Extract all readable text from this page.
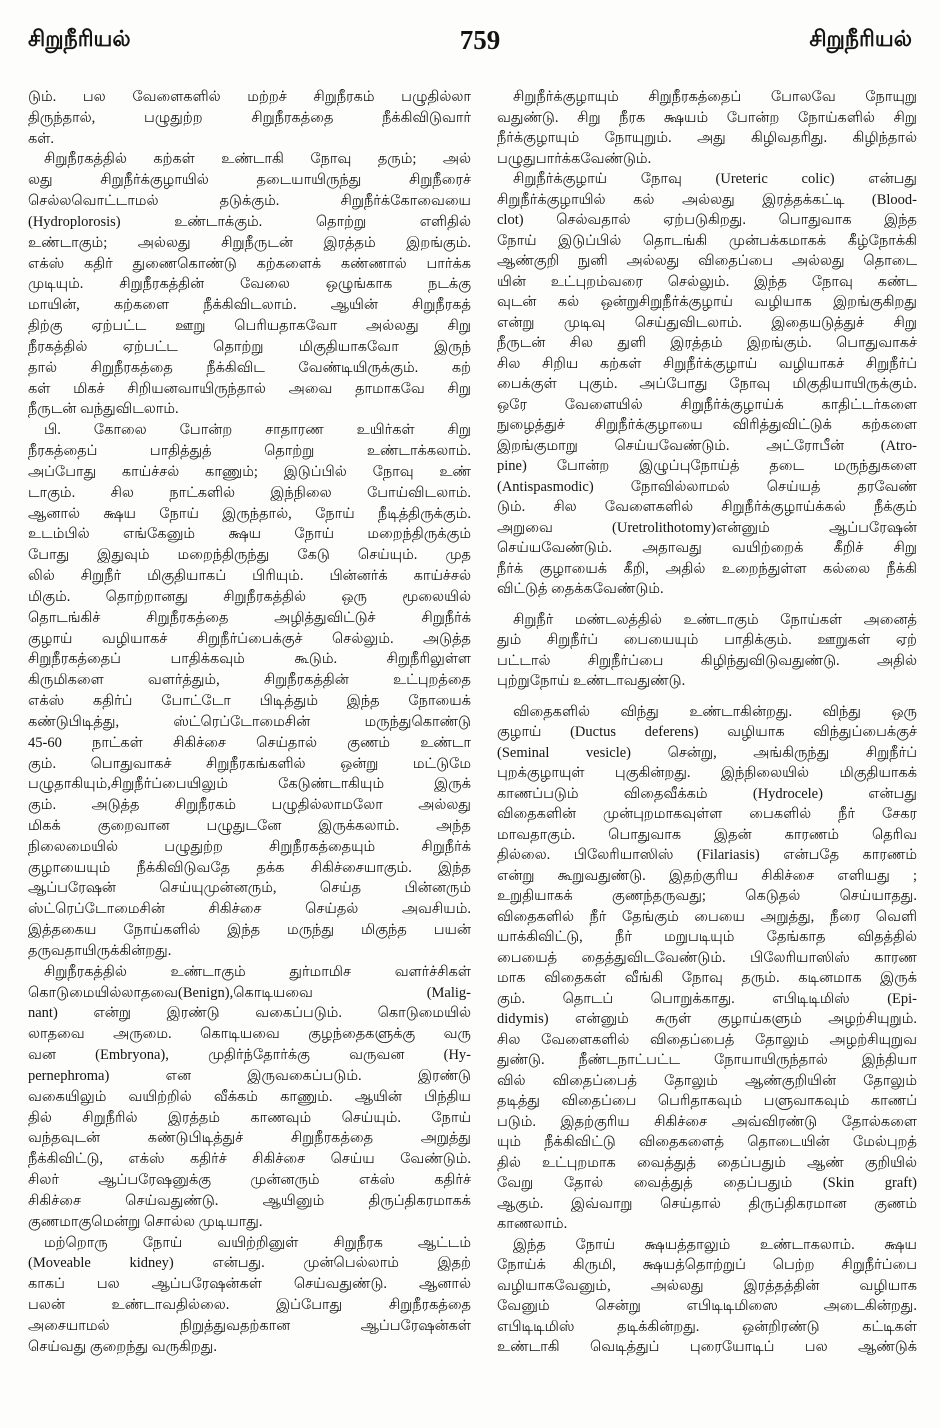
சிறுநீரியல்	759	சிறுநீரியல்
டும். பல வேளைகளில் மற்றச் சிறுநீரகம் பழுதில்லா
திருந்தால், பழுதுற்ற சிறுநீரகத்தை நீக்கிவிடுவார்
கள்.
சிறுநீரகத்தில் கற்கள் உண்டாகி நோவு தரும்; அல்
லது சிறுநீர்க்குழாயில் தடையாயிருந்து சிறுநீரைச்
செல்லவொட்டாமல் தடுக்கும். சிறுநீர்க்கோவையை
(Hydroplorosis) உண்டாக்கும். தொற்று எளிதில்
உண்டாகும்; அல்லது சிறுநீருடன் இரத்தம் இறங்கும்.
எக்ஸ் கதிர் துணைகொண்டு கற்களைக் கண்ணால் பார்க்க
முடியும். சிறுநீரகத்தின் வேலை ஒழுங்காக நடக்கு
மாயின், கற்களை நீக்கிவிடலாம். ஆயின் சிறுநீரகத்
திற்கு ஏற்பட்ட ஊறு பெரியதாகவோ அல்லது சிறு
நீரகத்தில் ஏற்பட்ட தொற்று மிகுதியாகவோ இருந்
தால் சிறுநீரகத்தை நீக்கிவிட வேண்டியிருக்கும். கற்
கள் மிகச் சிறியனவாயிருந்தால் அவை தாமாகவே சிறு
நீருடன் வந்துவிடலாம்.
பி. கோலை போன்ற சாதாரண உயிர்கள் சிறு
நீரகத்தைப் பாதித்துத் தொற்று உண்டாக்கலாம்.
அப்போது காய்ச்சல் காணும்; இடுப்பில் நோவு உண்
டாகும். சில நாட்களில் இந்நிலை போய்விடலாம்.
ஆனால் க்ஷய நோய் இருந்தால், நோய் நீடித்திருக்கும்.
உடம்பில் எங்கேனும் க்ஷய நோய் மறைந்திருக்கும்
போது இதுவும் மறைந்திருந்து கேடு செய்யும். முத
லில் சிறுநீர் மிகுதியாகப் பிரியும். பின்னர்க் காய்ச்சல்
மிகும். தொற்றானது சிறுநீரகத்தில் ஒரு மூலையில்
தொடங்கிச் சிறுநீரகத்தை அழித்துவிட்டுச் சிறுநீர்க்
குழாய் வழியாகச் சிறுநீர்ப்பைக்குச் செல்லும். அடுத்த
சிறுநீரகத்தைப் பாதிக்கவும் கூடும். சிறுநீரிலுள்ள
கிருமிகளை வளர்த்தும், சிறுநீரகத்தின் உட்புறத்தை
எக்ஸ் கதிர்ப் போட்டோ பிடித்தும் இந்த நோயைக்
கண்டுபிடித்து, ஸ்ட்ரெப்டோமைசின் மருந்துகொண்டு
45-60 நாட்கள் சிகிச்சை செய்தால் குணம் உண்டா
கும். பொதுவாகச் சிறுநீரகங்களில் ஒன்று மட்டுமே
பழுதாகியும்,சிறுநீர்ப்பையிலும் கேடுண்டாகியும் இருக்
கும். அடுத்த சிறுநீரகம் பழுதில்லாமலோ அல்லது
மிகக் குறைவான பழுதுடனே இருக்கலாம். அந்த
நிலைமையில் பழுதுற்ற சிறுநீரகத்தையும் சிறுநீர்க்
குழாயையும் நீக்கிவிடுவதே தக்க சிகிச்சையாகும். இந்த
ஆப்பரேஷன் செய்யுமுன்னரும், செய்த பின்னரும்
ஸ்ட்ரெப்டோமைசின் சிகிச்சை செய்தல் அவசியம்.
இத்தகைய நோய்களில் இந்த மருந்து மிகுந்த பயன்
தருவதாயிருக்கின்றது.
சிறுநீரகத்தில் உண்டாகும் துர்மாமிச வளர்ச்சிகள்
கொடுமையில்லாதவை(Benign),கொடியவை (Malig-
nant) என்று இரண்டு வகைப்படும். கொடுமையில்
லாதவை அருமை. கொடியவை குழந்தைகளுக்கு வரு
வன (Embryona), முதிர்ந்தோர்க்கு வருவன (Hy-
pernephroma) என இருவகைப்படும். இரண்டு
வகையிலும் வயிற்றில் வீக்கம் காணும். ஆயின் பிந்திய
தில் சிறுநீரில் இரத்தம் காணவும் செய்யும். நோய்
வந்தவுடன் கண்டுபிடித்துச் சிறுநீரகத்தை அறுத்து
நீக்கிவிட்டு, எக்ஸ் கதிர்ச் சிகிச்சை செய்ய வேண்டும்.
சிலர் ஆப்பரேஷனுக்கு முன்னரும் எக்ஸ் கதிர்ச்
சிகிச்சை செய்வதுண்டு. ஆயினும் திருப்திகரமாகக்
குணமாகுமென்று சொல்ல முடியாது.
மற்றொரு நோய் வயிற்றினுள் சிறுநீரக ஆட்டம்
(Moveable kidney) என்பது. முன்பெல்லாம் இதற்
காகப் பல ஆப்பரேஷன்கள் செய்வதுண்டு. ஆனால்
பலன் உண்டாவதில்லை. இப்போது சிறுநீரகத்தை
அசையாமல் நிறுத்துவதற்கான ஆப்பரேஷன்கள்
செய்வது குறைந்து வருகிறது.
சிறுநீர்க்குழாயும் சிறுநீரகத்தைப் போலவே நோயுறு
வதுண்டு. சிறு நீரக க்ஷயம் போன்ற நோய்களில் சிறு
நீர்க்குழாயும் நோயுறும். அது கிழிவதரிது. கிழிந்தால்
பழுதுபார்க்கவேண்டும்.
சிறுநீர்க்குழாய் நோவு (Ureteric colic) என்பது
சிறுநீர்க்குழாயில் கல் அல்லது இரத்தக்கட்டி (Blood-
clot) செல்வதால் ஏற்படுகிறது. பொதுவாக இந்த
நோய் இடுப்பில் தொடங்கி முன்பக்கமாகக் கீழ்நோக்கி
ஆண்குறி நுனி அல்லது விதைப்பை அல்லது தொடை
யின் உட்புறம்வரை செல்லும். இந்த நோவு கண்ட
வுடன் கல் ஒன்றுசிறுநீர்க்குழாய் வழியாக இறங்குகிறது
என்று முடிவு செய்துவிடலாம். இதையடுத்துச் சிறு
நீருடன் சில துளி இரத்தம் இறங்கும். பொதுவாகச்
சில சிறிய கற்கள் சிறுநீர்க்குழாய் வழியாகச் சிறுநீர்ப்
பைக்குள் புகும். அப்போது நோவு மிகுதியாயிருக்கும்.
ஒரே வேளையில் சிறுநீர்க்குழாய்க் காதிட்டர்களை
நுழைத்துச் சிறுநீர்க்குழாயை விரித்துவிட்டுக் கற்களை
இறங்குமாறு செய்யவேண்டும். அட்ரோபீன் (Atro-
pine) போன்ற இழுப்புநோய்த் தடை மருந்துகளை
(Antispasmodic) நோவில்லாமல் செய்யத் தரவேண்
டும். சில வேளைகளில் சிறுநீர்க்குழாய்க்கல் நீக்கும்
அறுவை (Uretrolithotomy)என்னும் ஆப்பரேஷன்
செய்யவேண்டும். அதாவது வயிற்றைக் கீறிச் சிறு
நீர்க் குழாயைக் கீறி, அதில் உறைந்துள்ள கல்லை நீக்கி
விட்டுத் தைக்கவேண்டும்.
சிறுநீர் மண்டலத்தில் உண்டாகும் நோய்கள் அனைத்
தும் சிறுநீர்ப் பையையும் பாதிக்கும். ஊறுகள் ஏற்
பட்டால் சிறுநீர்ப்பை கிழிந்துவிடுவதுண்டு. அதில்
புற்றுநோய் உண்டாவதுண்டு.
விதைகளில் விந்து உண்டாகின்றது. விந்து ஒரு
குழாய் (Ductus deferens) வழியாக விந்துப்பைக்குச்
(Seminal vesicle) சென்று, அங்கிருந்து சிறுநீர்ப்
புறக்குழாயுள் புகுகின்றது. இந்நிலையில் மிகுதியாகக்
காணப்படும் விதைவீக்கம் (Hydrocele) என்பது
விதைகளின் முன்புறமாகவுள்ள பைகளில் நீர் சேகர
மாவதாகும். பொதுவாக இதன் காரணம் தெரிவ
தில்லை. பிலேரியாஸிஸ் (Filariasis) என்பதே காரணம்
என்று கூறுவதுண்டு. இதற்குரிய சிகிச்சை எளியது ;
உறுதியாகக் குணந்தருவது; கெடுதல் செய்யாதது.
விதைகளில் நீர் தேங்கும் பையை அறுத்து, நீரை வெளி
யாக்கிவிட்டு, நீர் மறுபடியும் தேங்காத விதத்தில்
பையைத் தைத்துவிடவேண்டும். பிலேரியாஸிஸ் காரண
மாக விதைகள் வீங்கி நோவு தரும். கடினமாக இருக்
கும். தொடப் பொறுக்காது. எபிடிடிமிஸ் (Epi-
didymis) என்னும் சுருள் குழாய்களும் அழற்சியுறும்.
சில வேளைகளில் விதைப்பைத் தோலும் அழற்சியுறுவ
துண்டு. நீண்டநாட்பட்ட நோயாயிருந்தால் இந்தியா
வில் விதைப்பைத் தோலும் ஆண்குறியின் தோலும்
தடித்து விதைப்பை பெரிதாகவும் பளுவாகவும் காணப்
படும். இதற்குரிய சிகிச்சை அவ்விரண்டு தோல்களை
யும் நீக்கிவிட்டு விதைகளைத் தொடையின் மேல்புறத்
தில் உட்புறமாக வைத்துத் தைப்பதும் ஆண் குறியில்
வேறு தோல் வைத்துத் தைப்பதும் (Skin graft)
ஆகும். இவ்வாறு செய்தால் திருப்திகரமான குணம்
காணலாம்.
இந்த நோய் க்ஷயத்தாலும் உண்டாகலாம். க்ஷய
நோய்க் கிருமி, க்ஷயத்தொற்றுப் பெற்ற சிறுநீர்ப்பை
வழியாகவேனும், அல்லது இரத்தத்தின் வழியாக
வேனும் சென்று எபிடிடிமிஸை அடைகின்றது.
எபிடிடிமிஸ் தடிக்கின்றது. ஒன்றிரண்டு கட்டிகள்
உண்டாகி வெடித்துப் புரையோடிப் பல ஆண்டுக்
